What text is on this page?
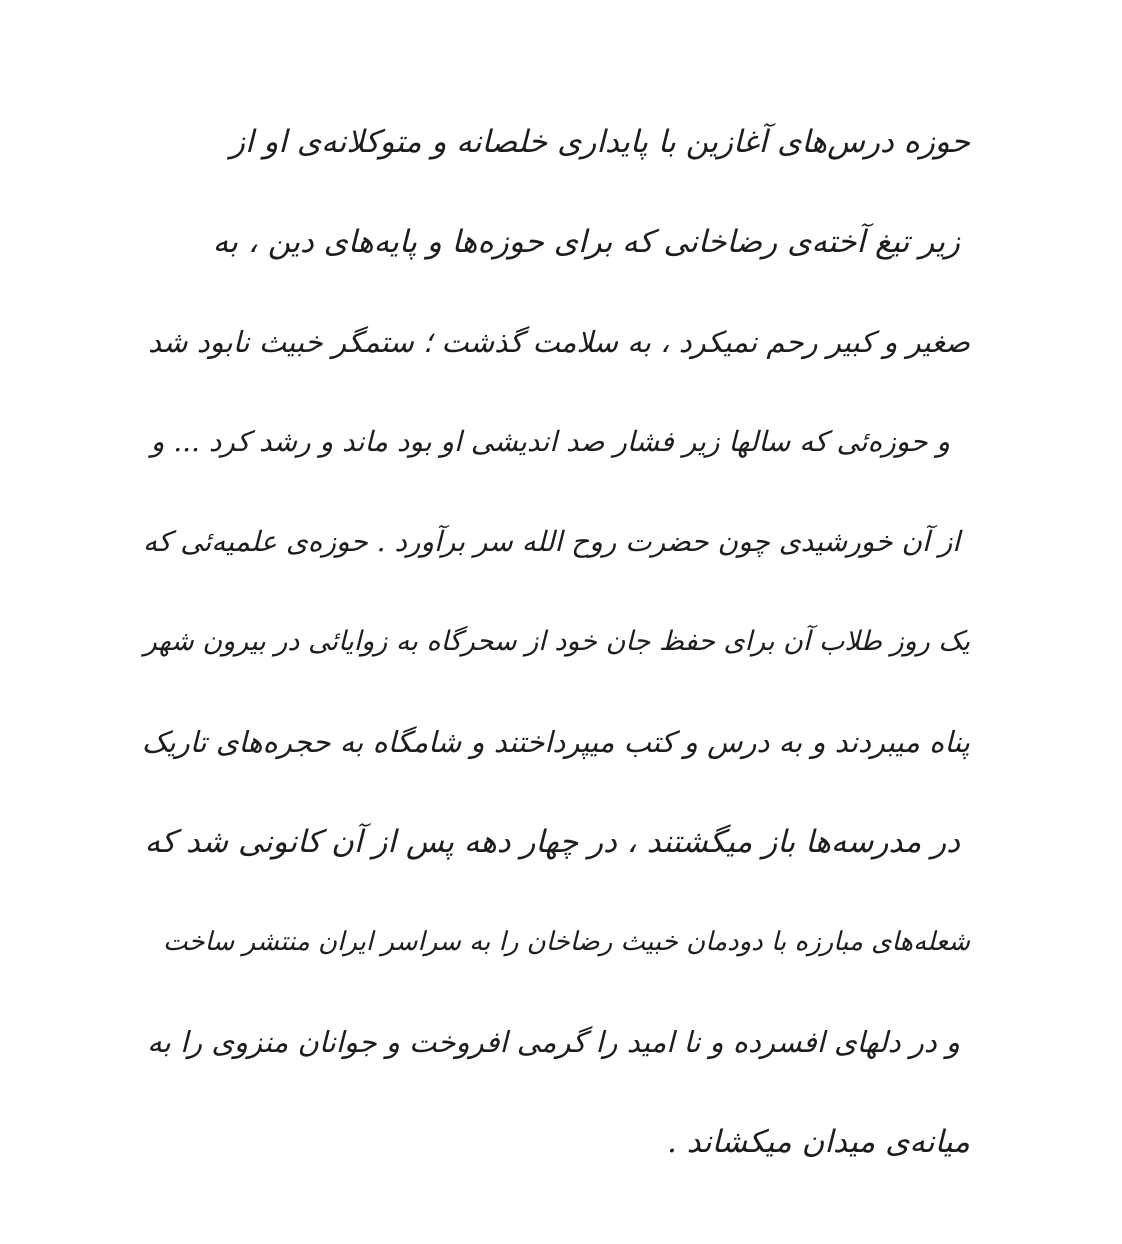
حوزه درس‌های آغازین با پایداری خلصانه و متوکلانه‌ی او از
زیر تیغ آخته‌ی رضاخانی که برای حوزه‌ها و پایه‌های دین ، به
صغیر و کبیر رحم نمیکرد ، به سلامت گذشت ؛ ستمگر خبیث نابود شد
و حوزه‌ئی که سالها زیر فشار صد اندیشی او بود ماند و رشد کرد ... و
از آن خورشیدی چون حضرت روح الله سر برآورد . حوزه‌ی علمیه‌ئی که
یک روز طلاب آن برای حفظ جان خود از سحرگاه به زوایائی در بیرون شهر
پناه میبردند و به درس و کتب میپرداختند و شامگاه به حجره‌های تاریک
در مدرسه‌ها باز میگشتند ، در چهار دهه پس از آن کانونی شد که
شعله‌های مبارزه با دودمان خبیث رضاخان را به سراسر ایران منتشر ساخت
و در دلهای افسرده و نا امید را گرمی افروخت و جوانان منزوی را به
میانه‌ی میدان میکشاند .
